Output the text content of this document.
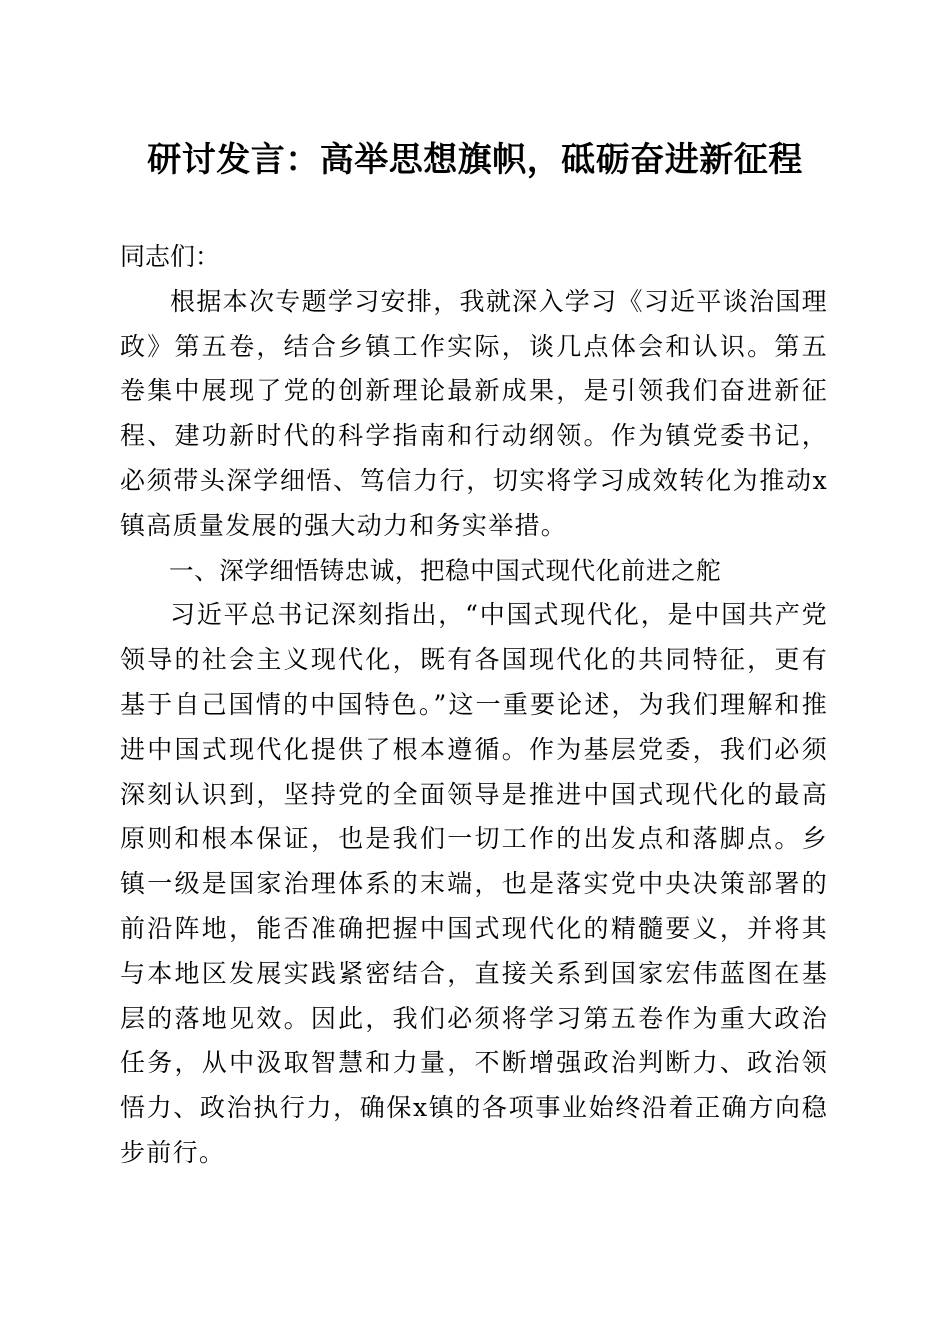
研讨发言：高举思想旗帜，砥砺奋进新征程

同志们：

根据本次专题学习安排，我就深入学习《习近平谈治国理政》第五卷，结合乡镇工作实际，谈几点体会和认识。第五卷集中展现了党的创新理论最新成果，是引领我们奋进新征程、建功新时代的科学指南和行动纲领。作为镇党委书记，必须带头深学细悟、笃信力行，切实将学习成效转化为推动x镇高质量发展的强大动力和务实举措。

一、深学细悟铸忠诚，把稳中国式现代化前进之舵

习近平总书记深刻指出，“中国式现代化，是中国共产党领导的社会主义现代化，既有各国现代化的共同特征，更有基于自己国情的中国特色。”这一重要论述，为我们理解和推进中国式现代化提供了根本遵循。作为基层党委，我们必须深刻认识到，坚持党的全面领导是推进中国式现代化的最高原则和根本保证，也是我们一切工作的出发点和落脚点。乡镇一级是国家治理体系的末端，也是落实党中央决策部署的前沿阵地，能否准确把握中国式现代化的精髓要义，并将其与本地区发展实践紧密结合，直接关系到国家宏伟蓝图在基层的落地见效。因此，我们必须将学习第五卷作为重大政治任务，从中汲取智慧和力量，不断增强政治判断力、政治领悟力、政治执行力，确保x镇的各项事业始终沿着正确方向稳步前行。
